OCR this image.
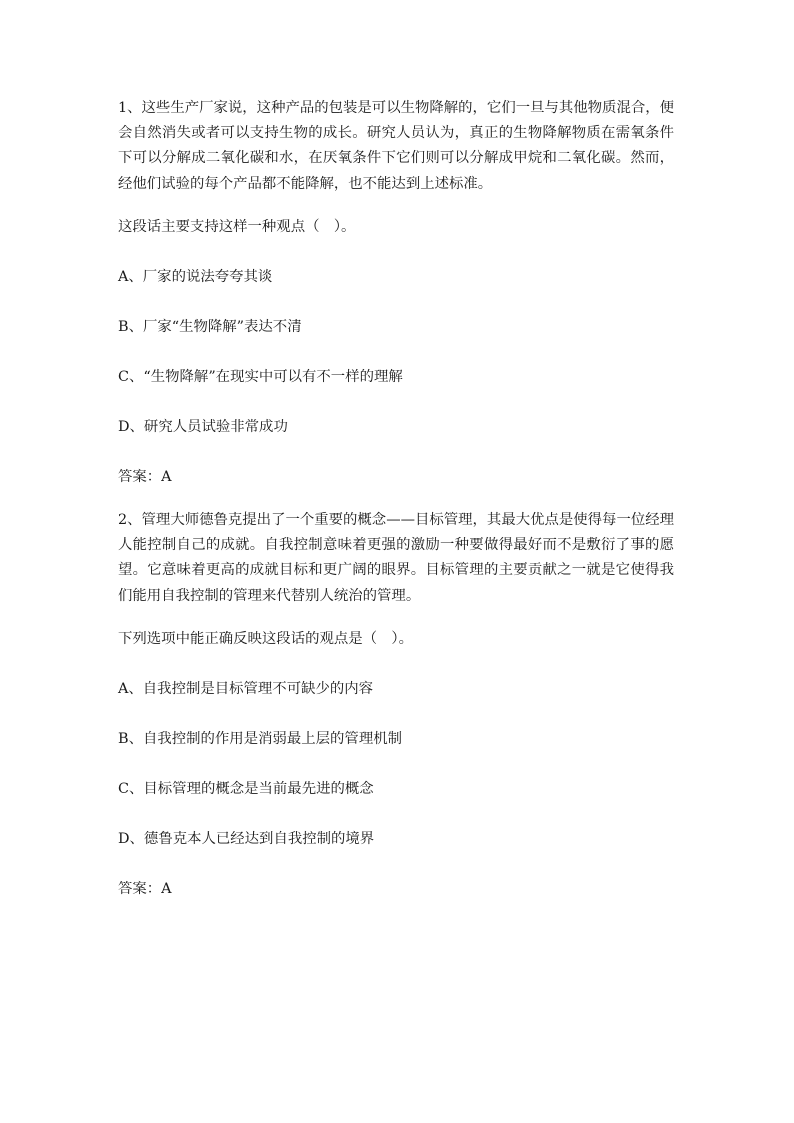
1、这些生产厂家说，这种产品的包装是可以生物降解的，它们一旦与其他物质混合，便会自然消失或者可以支持生物的成长。研究人员认为，真正的生物降解物质在需氧条件下可以分解成二氧化碳和水，在厌氧条件下它们则可以分解成甲烷和二氧化碳。然而，经他们试验的每个产品都不能降解，也不能达到上述标准。

这段话主要支持这样一种观点（　）。

A、厂家的说法夸夸其谈

B、厂家“生物降解”表达不清

C、“生物降解”在现实中可以有不一样的理解

D、研究人员试验非常成功

答案：A

2、管理大师德鲁克提出了一个重要的概念——目标管理，其最大优点是使得每一位经理人能控制自己的成就。自我控制意味着更强的激励一种要做得最好而不是敷衍了事的愿望。它意味着更高的成就目标和更广阔的眼界。目标管理的主要贡献之一就是它使得我们能用自我控制的管理来代替别人统治的管理。

下列选项中能正确反映这段话的观点是（　）。

A、自我控制是目标管理不可缺少的内容

B、自我控制的作用是消弱最上层的管理机制

C、目标管理的概念是当前最先进的概念

D、德鲁克本人已经达到自我控制的境界

答案：A
